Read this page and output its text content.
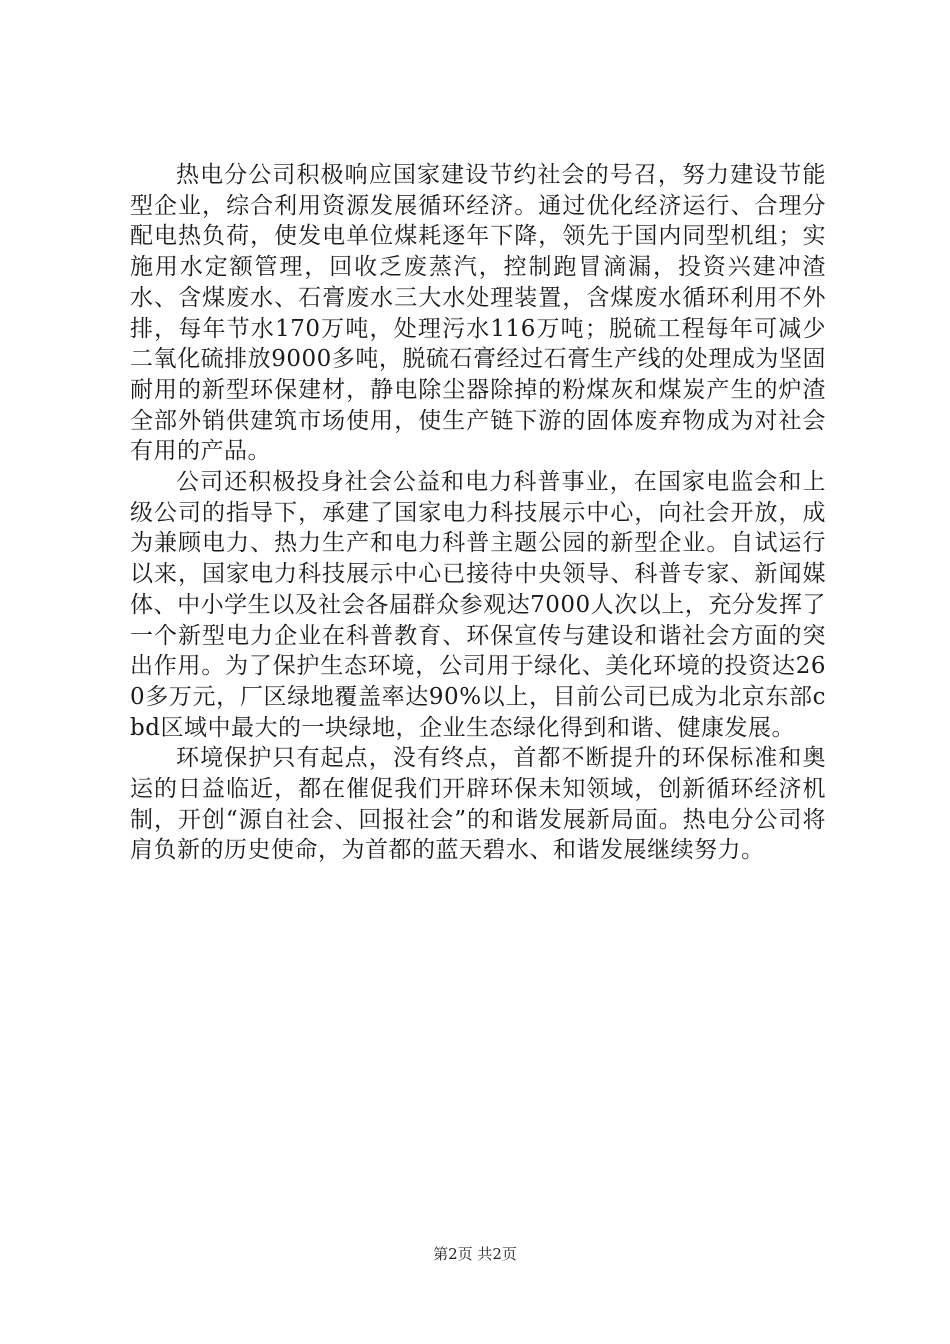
热电分公司积极响应国家建设节约社会的号召，努力建设节能型企业，综合利用资源发展循环经济。通过优化经济运行、合理分配电热负荷，使发电单位煤耗逐年下降，领先于国内同型机组；实施用水定额管理，回收乏废蒸汽，控制跑冒滴漏，投资兴建冲渣水、含煤废水、石膏废水三大水处理装置，含煤废水循环利用不外排，每年节水170万吨，处理污水116万吨；脱硫工程每年可减少二氧化硫排放9000多吨，脱硫石膏经过石膏生产线的处理成为坚固耐用的新型环保建材，静电除尘器除掉的粉煤灰和煤炭产生的炉渣全部外销供建筑市场使用，使生产链下游的固体废弃物成为对社会有用的产品。

公司还积极投身社会公益和电力科普事业，在国家电监会和上级公司的指导下，承建了国家电力科技展示中心，向社会开放，成为兼顾电力、热力生产和电力科普主题公园的新型企业。自试运行以来，国家电力科技展示中心已接待中央领导、科普专家、新闻媒体、中小学生以及社会各届群众参观达7000人次以上，充分发挥了一个新型电力企业在科普教育、环保宣传与建设和谐社会方面的突出作用。为了保护生态环境，公司用于绿化、美化环境的投资达260多万元，厂区绿地覆盖率达90%以上，目前公司已成为北京东部cbd区域中最大的一块绿地，企业生态绿化得到和谐、健康发展。

环境保护只有起点，没有终点，首都不断提升的环保标准和奥运的日益临近，都在催促我们开辟环保未知领域，创新循环经济机制，开创“源自社会、回报社会”的和谐发展新局面。热电分公司将肩负新的历史使命，为首都的蓝天碧水、和谐发展继续努力。

第2页 共2页
